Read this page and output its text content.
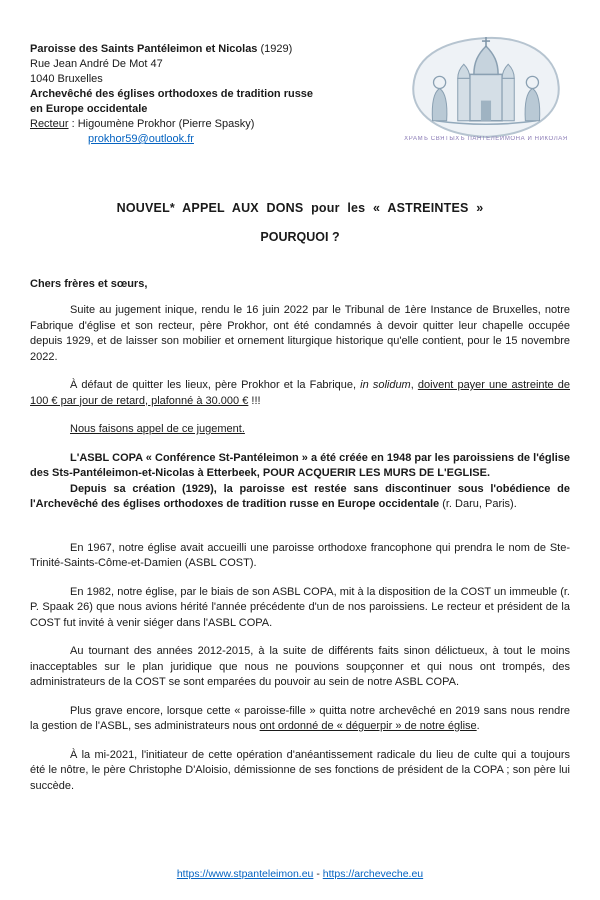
Paroisse des Saints Pantéleimon et Nicolas (1929)
Rue Jean André De Mot 47
1040 Bruxelles
Archevêché des églises orthodoxes de tradition russe
en Europe occidentale
Recteur : Higoumène Prokhor (Pierre Spasky)
prokhor59@outlook.fr	ХРАМЪ СВЯТЫХЪ ПАНТЕЛЕИМОНА И НИКОЛАЯ
NOUVEL* APPEL AUX DONS pour les « ASTREINTES »
POURQUOI ?
Chers frères et sœurs,
Suite au jugement inique, rendu le 16 juin 2022 par le Tribunal de 1ère Instance de Bruxelles, notre Fabrique d'église et son recteur, père Prokhor, ont été condamnés à devoir quitter leur chapelle occupée depuis 1929, et de laisser son mobilier et ornement liturgique historique qu'elle contient, pour le 15 novembre 2022.
À défaut de quitter les lieux, père Prokhor et la Fabrique, in solidum, doivent payer une astreinte de 100 € par jour de retard, plafonné à 30.000 € !!!
Nous faisons appel de ce jugement.
L'ASBL COPA « Conférence St-Pantéleimon » a été créée en 1948 par les paroissiens de l'église des Sts-Pantéleimon-et-Nicolas à Etterbeek, POUR ACQUERIR LES MURS DE L'EGLISE.
Depuis sa création (1929), la paroisse est restée sans discontinuer sous l'obédience de l'Archevêché des églises orthodoxes de tradition russe en Europe occidentale (r. Daru, Paris).
En 1967, notre église avait accueilli une paroisse orthodoxe francophone qui prendra le nom de Ste-Trinité-Saints-Côme-et-Damien (ASBL COST).
En 1982, notre église, par le biais de son ASBL COPA, mit à la disposition de la COST un immeuble (r. P. Spaak 26) que nous avions hérité l'année précédente d'un de nos paroissiens. Le recteur et président de la COST fut invité à venir siéger dans l'ASBL COPA.
Au tournant des années 2012-2015, à la suite de différents faits sinon délictueux, à tout le moins inacceptables sur le plan juridique que nous ne pouvions soupçonner et qui nous ont trompés, des administrateurs de la COST se sont emparées du pouvoir au sein de notre ASBL COPA.
Plus grave encore, lorsque cette « paroisse-fille » quitta notre archevêché en 2019 sans nous rendre la gestion de l'ASBL, ses administrateurs nous ont ordonné de « déguerpir » de notre église.
À la mi-2021, l'initiateur de cette opération d'anéantissement radicale du lieu de culte qui a toujours été le nôtre, le père Christophe D'Aloisio, démissionne de ses fonctions de président de la COPA ; son père lui succède.
https://www.stpanteleimon.eu - https://archeveche.eu
